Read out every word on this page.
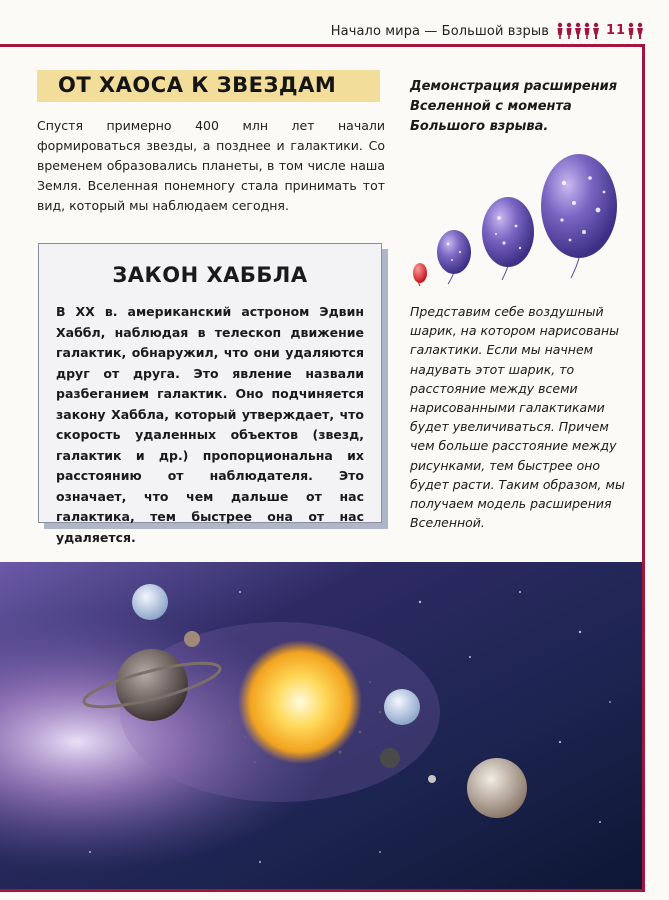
Начало мира — Большой взрыв	11
ОТ ХАОСА К ЗВЕЗДАМ
Спустя примерно 400 млн лет начали формироваться звезды, а позднее и галактики. Со временем образовались планеты, в том числе наша Земля. Вселенная понемногу стала принимать тот вид, который мы наблюдаем сегодня.
ЗАКОН ХАББЛА
В XX в. американский астроном Эдвин Хаббл, наблюдая в телескоп движение галактик, обнаружил, что они удаляются друг от друга. Это явление назвали разбеганием галактик. Оно подчиняется закону Хаббла, который утверждает, что скорость удаленных объектов (звезд, галактик и др.) пропорциональна их расстоянию от наблюдателя. Это означает, что чем дальше от нас галактика, тем быстрее она от нас удаляется.
Демонстрация расширения Вселенной с момента Большого взрыва.
Представим себе воздушный шарик, на котором нарисованы галактики. Если мы начнем надувать этот шарик, то расстояние между всеми нарисованными галактиками будет увеличиваться. Причем чем больше расстояние между рисунками, тем быстрее оно будет расти. Таким образом, мы получаем модель расширения Вселенной.
